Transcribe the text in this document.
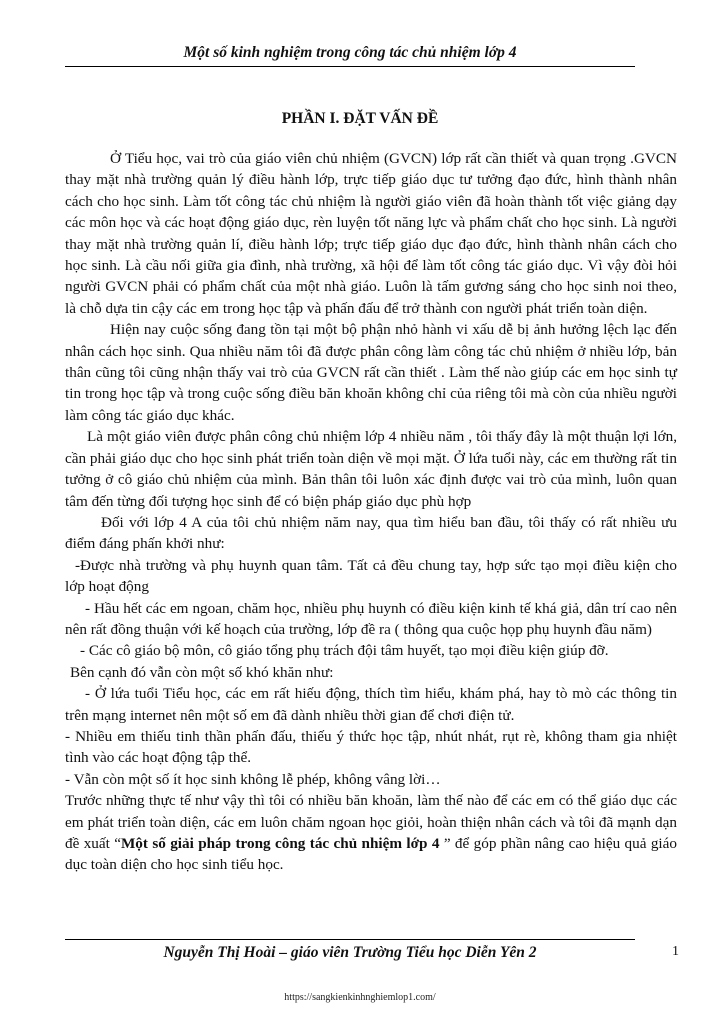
Một số kinh nghiệm trong công tác chủ nhiệm lớp 4
PHẦN I. ĐẶT VẤN ĐỀ

Ở Tiểu học, vai trò của giáo viên chủ nhiệm (GVCN) lớp rất cần thiết và quan trọng .GVCN thay mặt nhà trường quản lý điều hành lớp, trực tiếp giáo dục tư tưởng đạo đức, hình thành nhân cách cho học sinh. Làm tốt công tác chủ nhiệm là người giáo viên đã hoàn thành tốt việc giảng dạy các môn học và các hoạt động giáo dục, rèn luyện tốt năng lực và phẩm chất cho học sinh. Là người thay mặt nhà trường quản lí, điều hành lớp; trực tiếp giáo dục đạo đức, hình thành nhân cách cho học sinh. Là cầu nối giữa gia đình, nhà trường, xã hội để làm tốt công tác giáo dục. Vì vậy đòi hỏi người GVCN phải có phẩm chất của một nhà giáo. Luôn là tấm gương sáng cho học sinh noi theo, là chỗ dựa tin cậy các em trong học tập và phấn đấu để trở thành con người phát triển toàn diện.

Hiện nay cuộc sống đang tồn tại một bộ phận nhỏ hành vi xấu dễ bị ảnh hưởng lệch lạc đến nhân cách học sinh. Qua nhiều năm tôi đã được phân công làm công tác chủ nhiệm ở nhiều lớp, bản thân cũng tôi cũng nhận thấy vai trò của GVCN rất cần thiết . Làm thế nào giúp các em học sinh tự tin trong học tập và trong cuộc sống điều băn khoăn không chỉ của riêng tôi mà còn của nhiều người làm công tác giáo dục khác.

Là một giáo viên được phân công chủ nhiệm lớp 4 nhiều năm , tôi thấy đây là một thuận lợi lớn, cần phải giáo dục cho học sinh phát triển toàn diện về mọi mặt. Ở lứa tuổi này, các em thường rất tin tưởng ở cô giáo chủ nhiệm của mình. Bản thân tôi luôn xác định được vai trò của mình, luôn quan tâm đến từng đối tượng học sinh để có biện pháp giáo dục phù hợp

Đối với lớp 4 A của tôi chủ nhiệm năm nay, qua tìm hiểu ban đầu, tôi thấy có rất nhiều ưu điểm đáng phấn khởi như:

-Được nhà trường và phụ huynh quan tâm. Tất cả đều chung tay, hợp sức tạo mọi điều kiện cho lớp hoạt động

- Hầu hết các em ngoan, chăm học, nhiều phụ huynh có điều kiện kinh tế khá giả, dân trí cao nên nên rất đồng thuận với kế hoạch của trường, lớp đề ra ( thông qua cuộc họp phụ huynh đầu năm)

- Các cô giáo bộ môn, cô giáo tổng phụ trách đội tâm huyết, tạo mọi điều kiện giúp đỡ.

Bên cạnh đó vẫn còn một số khó khăn như:

- Ở lứa tuổi Tiểu học, các em rất hiếu động, thích tìm hiểu, khám phá, hay tò mò các thông tin trên mạng internet nên một số em đã dành nhiều thời gian để chơi điện tử.

- Nhiều em thiếu tinh thần phấn đấu, thiếu ý thức học tập, nhút nhát, rụt rè, không tham gia nhiệt tình vào các hoạt động tập thể.

- Vẫn còn một số ít học sinh không lễ phép, không vâng lời…

Trước những thực tế như vậy thì tôi có nhiều băn khoăn, làm thế nào để các em có thể giáo dục các em phát triển toàn diện, các em luôn chăm ngoan học giỏi, hoàn thiện nhân cách và tôi đã mạnh dạn đề xuất “Một số giải pháp trong công tác chủ nhiệm lớp 4 ” để góp phần nâng cao hiệu quả giáo dục toàn diện cho học sinh tiểu học.

Nguyễn Thị Hoài – giáo viên Trường Tiểu học Diễn Yên 2	1
https://sangkienkinhnghiemlop1.com/
